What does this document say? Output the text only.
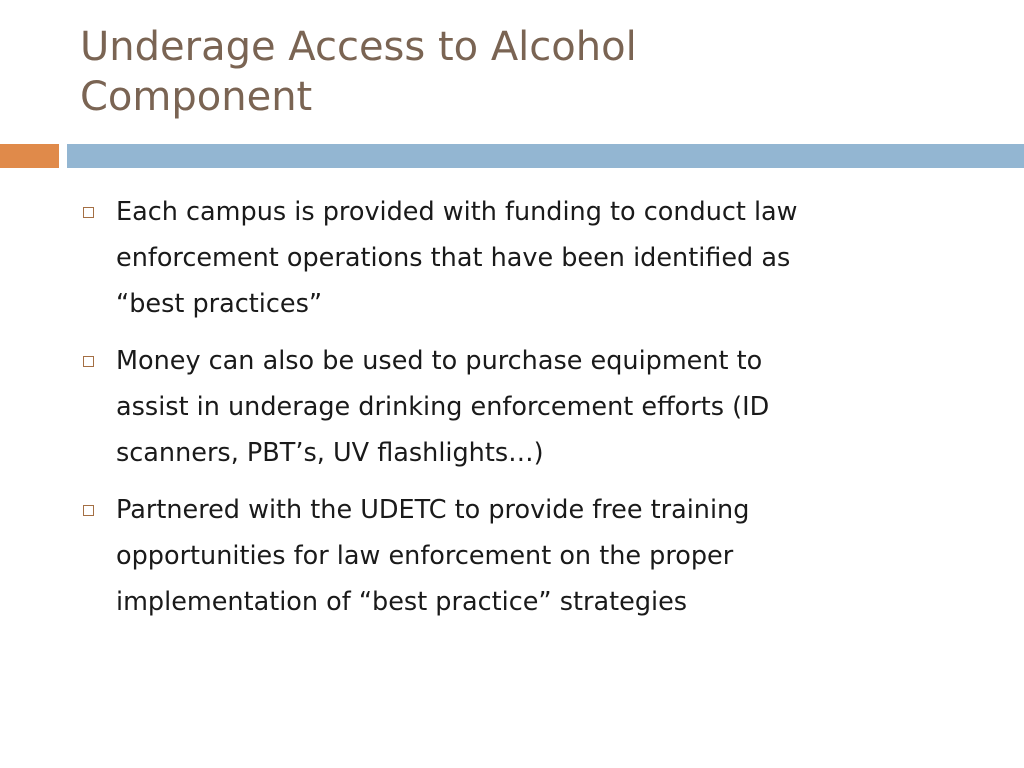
Underage Access to Alcohol
Component
Each campus is provided with funding to conduct law
enforcement operations that have been identified as
“best practices”
Money can also be used to purchase equipment to
assist in underage drinking enforcement efforts (ID
scanners, PBT’s, UV flashlights…)
Partnered with the UDETC to provide free training
opportunities for law enforcement on the proper
implementation of “best practice” strategies
